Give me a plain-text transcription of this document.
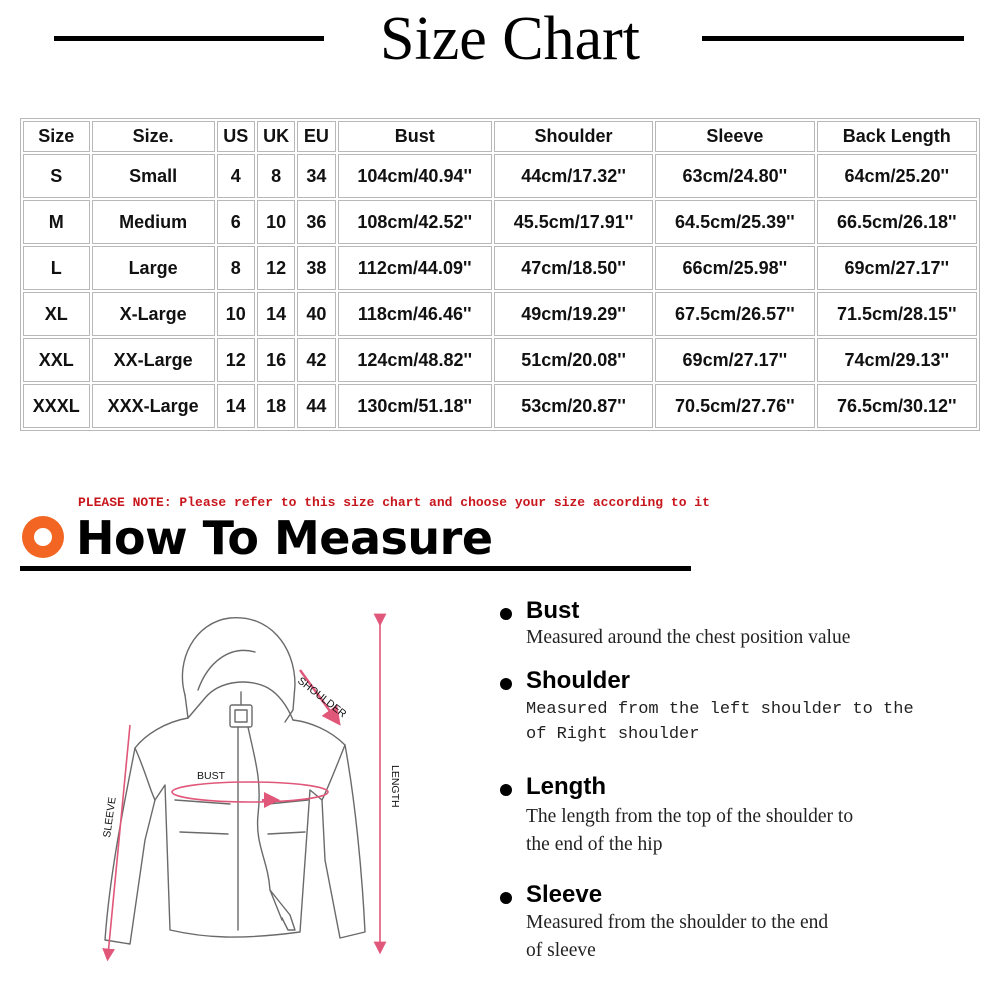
Size Chart
Size	Size.	US	UK	EU	Bust	Shoulder	Sleeve	Back Length
S	Small	4	8	34	104cm/40.94''	44cm/17.32''	63cm/24.80''	64cm/25.20''
M	Medium	6	10	36	108cm/42.52''	45.5cm/17.91''	64.5cm/25.39''	66.5cm/26.18''
L	Large	8	12	38	112cm/44.09''	47cm/18.50''	66cm/25.98''	69cm/27.17''
XL	X-Large	10	14	40	118cm/46.46''	49cm/19.29''	67.5cm/26.57''	71.5cm/28.15''
XXL	XX-Large	12	16	42	124cm/48.82''	51cm/20.08''	69cm/27.17''	74cm/29.13''
XXXL	XXX-Large	14	18	44	130cm/51.18''	53cm/20.87''	70.5cm/27.76''	76.5cm/30.12''
PLEASE NOTE: Please refer to this size chart and choose your size according to it
How To Measure
BUST
SHOULDER
LENGTH
SLEEVE
Bust
Measured around the chest position value
Shoulder
Measured from the left shoulder to the
of Right shoulder
Length
The length from the top of the shoulder to
the end of the hip
Sleeve
Measured from the shoulder to the end
of sleeve
